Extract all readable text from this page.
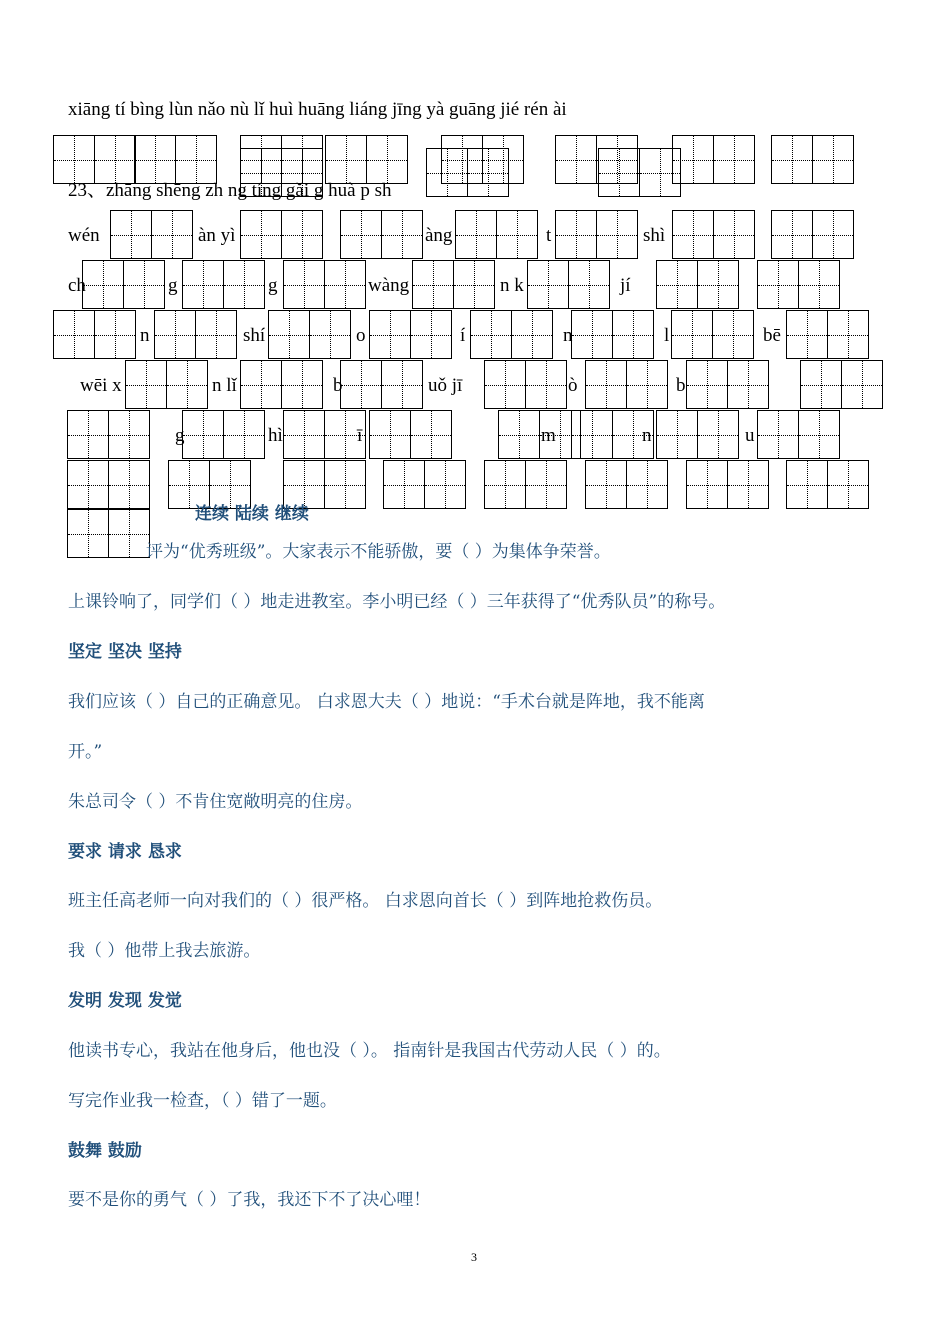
xiāng tí bìng lùn nǎo nù lǐ huì huāng liáng jīng yà guāng jié rén ài
23、zhāng shēng zh ng tíng gǎi g huà p sh
wén	àn yì	àng	t	shì
ch	g	g	wàng	n k	jí
n	shí	o	í	n	l	bē
wēi x	n lǐ	b	uǒ jī	ò	b
g	hì	ī	m	n	u
连续 陆续 继续
评为“优秀班级”。大家表示不能骄傲，要（ ）为集体争荣誉。
上课铃响了，同学们（ ）地走进教室。李小明已经（ ）三年获得了“优秀队员”的称号。
坚定 坚决 坚持
我们应该（ ）自己的正确意见。 白求恩大夫（ ）地说：“手术台就是阵地，我不能离
开。”
朱总司令（ ）不肯住宽敞明亮的住房。
要求 请求 恳求
班主任高老师一向对我们的（ ）很严格。 白求恩向首长（ ）到阵地抢救伤员。
我（ ）他带上我去旅游。
发明 发现 发觉
他读书专心，我站在他身后，他也没（ ）。 指南针是我国古代劳动人民（ ）的。
写完作业我一检查，（ ）错了一题。
鼓舞 鼓励
要不是你的勇气（ ）了我，我还下不了决心哩！
3
